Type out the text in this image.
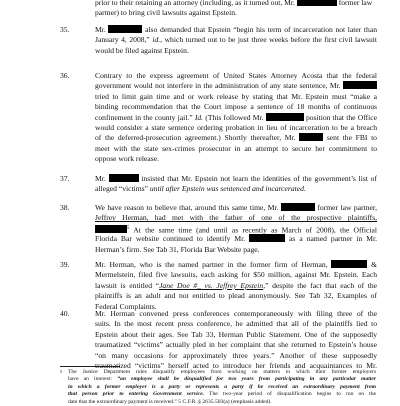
prior to their retaining an attorney (including, as it turned out, Mr.	former law
partner) to bring civil lawsuits against Epstein.
35.	Mr.	also demanded that Epstein “begin his term of incarceration not later than
January 4, 2008,” id., which turned out to be just three weeks before the first civil lawsuit
would be filed against Epstein.
36.	Contrary to the express agreement of United States Attorney Acosta that the federal
government would not interfere in the administration of any state sentence, Mr.
tried to limit gain time and or work release by stating that Mr. Epstein must “make a
binding recommendation that the Court impose a sentence of 18 months of continuous
confinement in the county jail.” Id. (This followed Mr.	position that the Office
would consider a state sentence ordering probation in lieu of incarceration to be a breach
of the deferred-prosecution agreement.) Shortly thereafter, Mr.	sent the FBI to
meet with the state sex-crimes prosecutor in an attempt to secure her commitment to
oppose work release.
37.	Mr.	insisted that Mr. Epstein not learn the identities of the government’s list of
alleged “victims” until after Epstein was sentenced and incarcerated.
38.	We have reason to believe that, around this same time, Mr.	former law partner,
Jeffrey Herman, had met with the father of one of the prospective plaintiffs,
$^5$ At the same time (and until as recently as March of 2008), the Official
Florida Bar website continued to identify Mr.	as a named partner in Mr.
Herman’s firm. See Tab 31, Florida Bar Website page.
39.	Mr. Herman, who is the named partner in the former firm of Herman,	&
Mermelstein, filed five lawsuits, each asking for $50 million, against Mr. Epstein. Each
lawsuit is entitled “Jane Doe #_ vs. Jeffrey Epstein,” despite the fact that each of the
plaintiffs is an adult and not entitled to plead anonymously. See Tab 32, Examples of
Federal Complaints.
40.	Mr. Herman convened press conferences contemporaneously with filing three of the
suits. In the most recent press conference, he admitted that all of the plaintiffs lied to
Epstein about their ages. See Tab 33, Herman Public Statement. One of the supposedly
traumatized “victims” actually pled in her complaint that she returned to Epstein’s house
“on many occasions for approximately three years.” Another of these supposedly
traumatized “victims” herself acted to introduce her friends and acquaintances to Mr.
5 The Justice Department rules disqualify employees from working on matters in which their former employers
have an interest: “an employee shall be disqualified for two years from participating in any particular matter
in which a former employer is a party or represents a party if he received an extraordinary payment from
that person prior to entering Government service. The two-year period of disqualification begins to run on the
date that the extraordinary payment is received.” 5 C.F.R. § 2635.503(a) (emphasis added).
